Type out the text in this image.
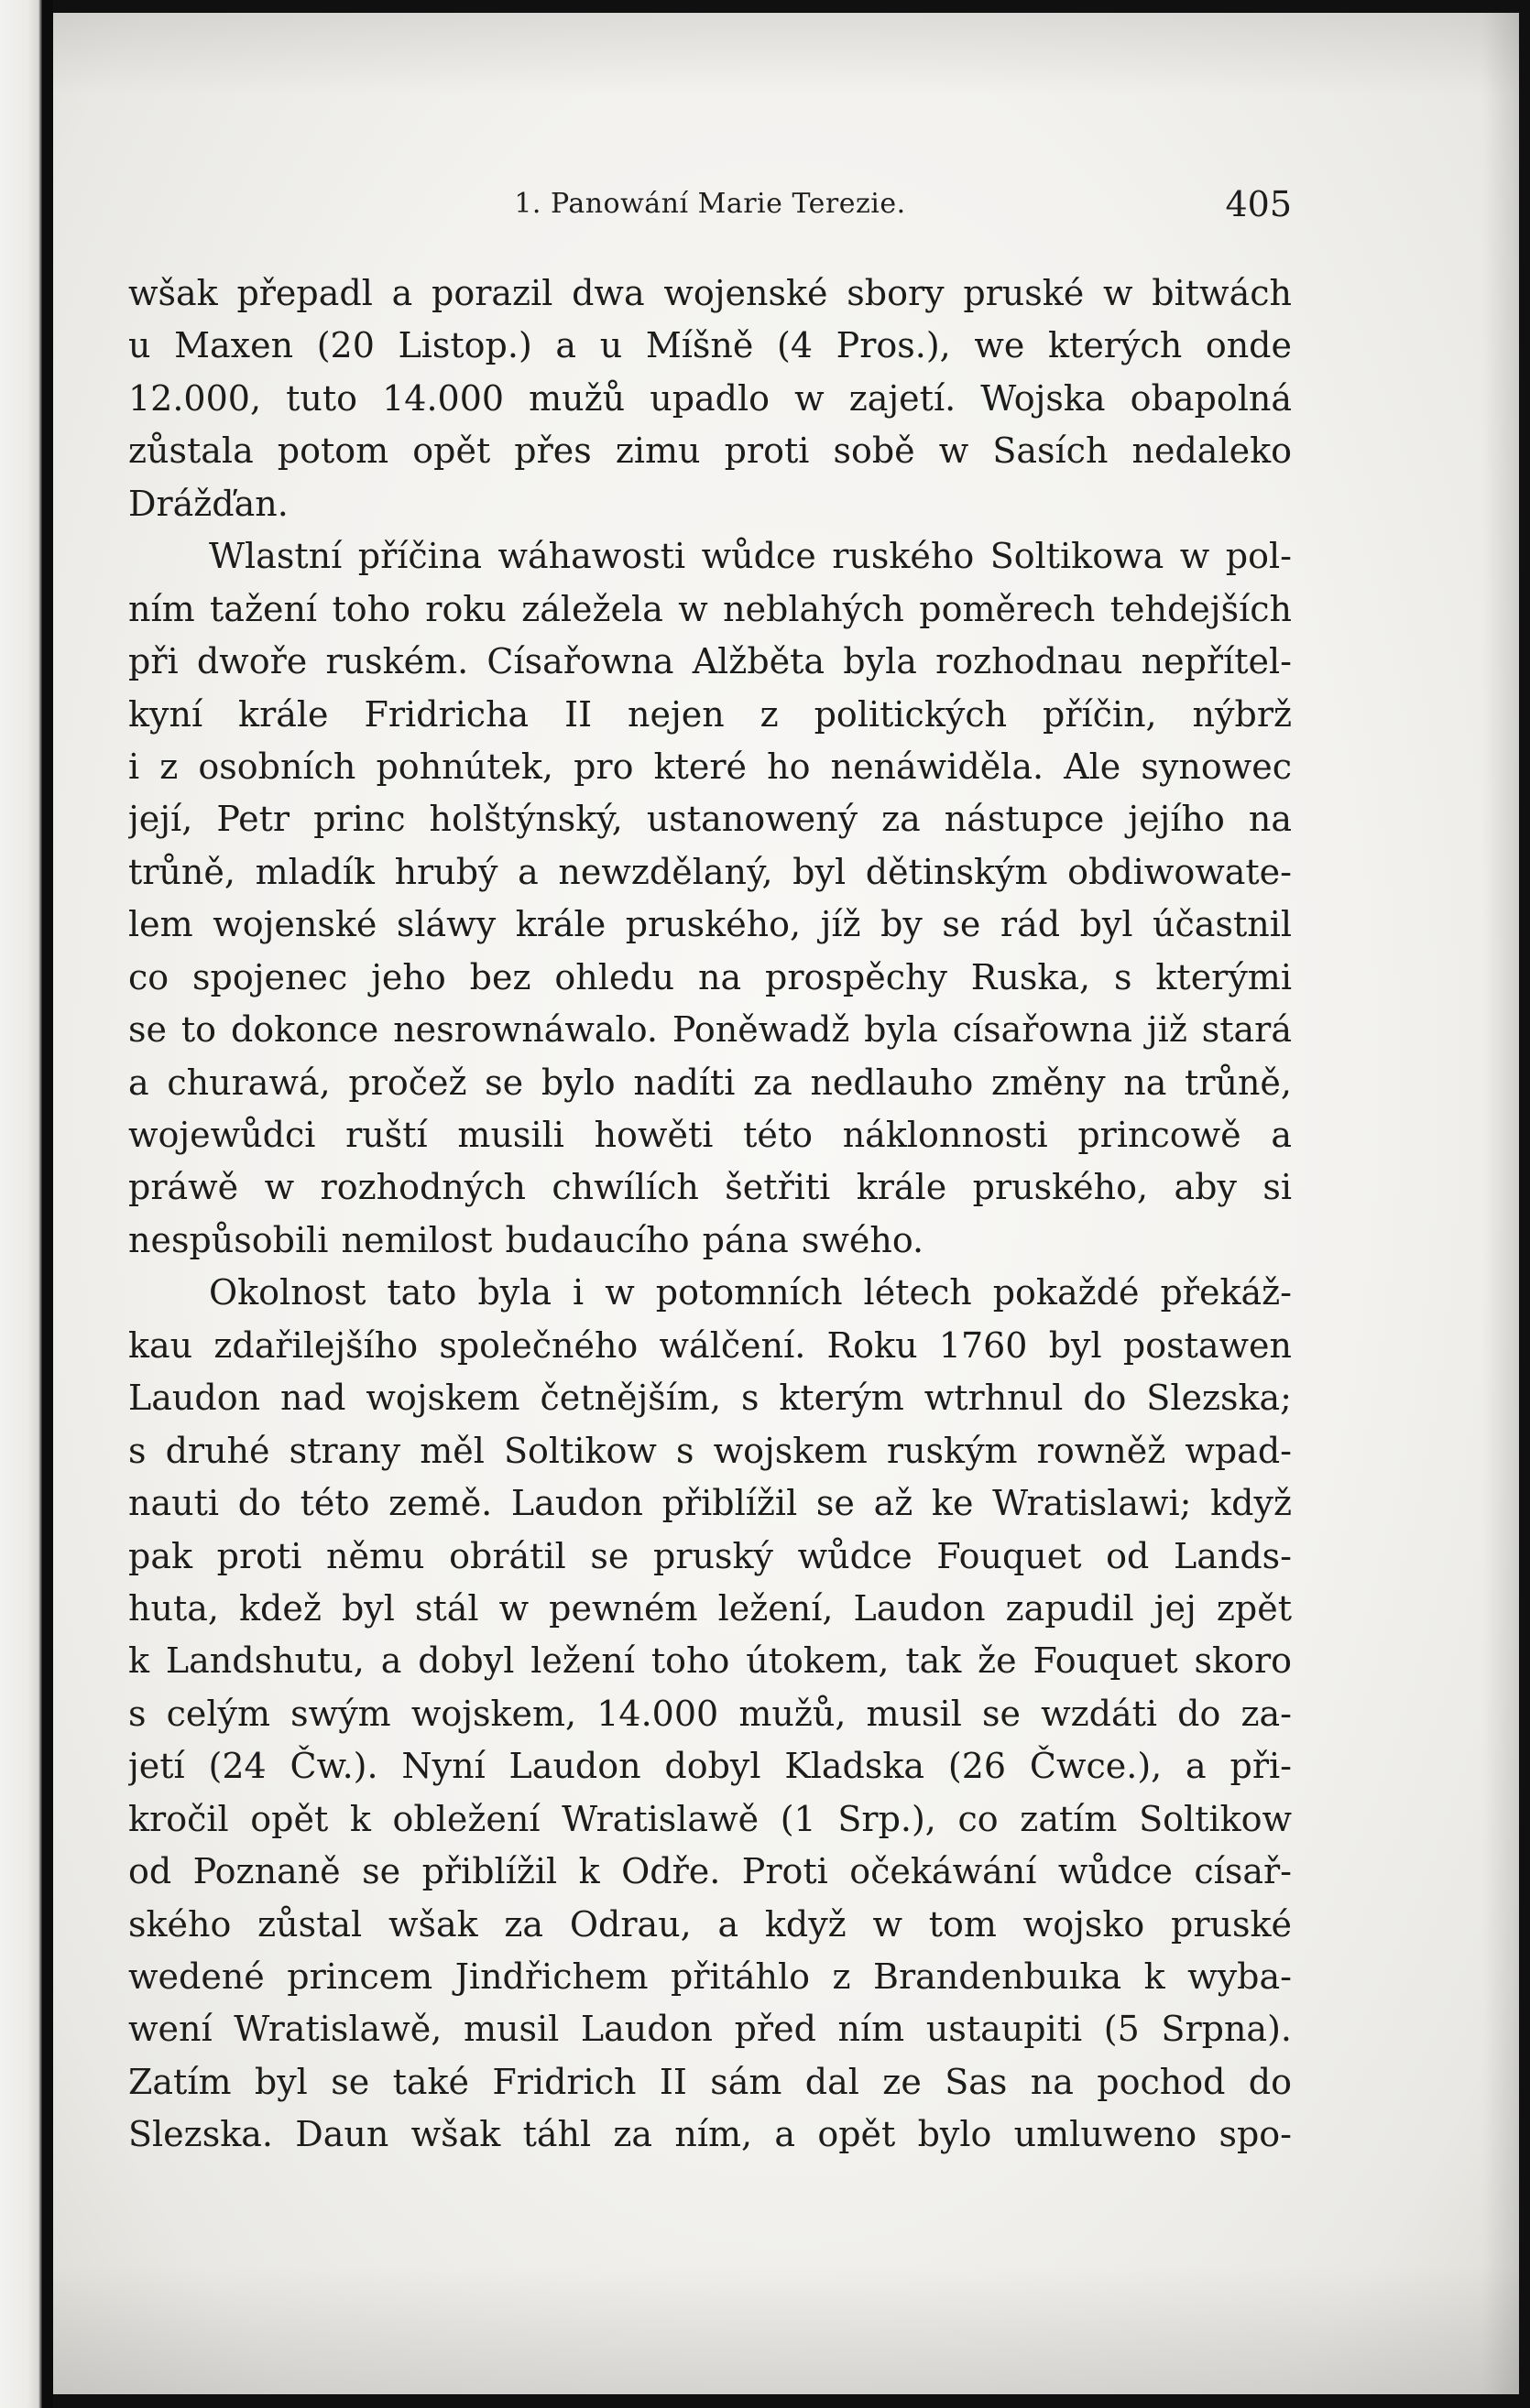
1. Panowání Marie Terezie.	405
wšak přepadl a porazil dwa wojenské sbory pruské w bitwách
u Maxen (20 Listop.) a u Míšně (4 Pros.), we kterých onde
12.000, tuto 14.000 mužů upadlo w zajetí. Wojska obapolná
zůstala potom opět přes zimu proti sobě w Sasích nedaleko
Drážďan.
Wlastní příčina wáhawosti wůdce ruského Soltikowa w pol-
ním tažení toho roku záležela w neblahých poměrech tehdejších
při dwoře ruském. Císařowna Alžběta byla rozhodnau nepřítel-
kyní krále Fridricha II nejen z politických příčin, nýbrž
i z osobních pohnútek, pro které ho nenáwiděla. Ale synowec
její, Petr princ holštýnský, ustanowený za nástupce jejího na
trůně, mladík hrubý a newzdělaný, byl dětinským obdiwowate-
lem wojenské sláwy krále pruského, jíž by se rád byl účastnil
co spojenec jeho bez ohledu na prospěchy Ruska, s kterými
se to dokonce nesrownáwalo. Poněwadž byla císařowna již stará
a churawá, pročež se bylo nadíti za nedlauho změny na trůně,
wojewůdci ruští musili howěti této náklonnosti princowě a
práwě w rozhodných chwílích šetřiti krále pruského, aby si
nespůsobili nemilost budaucího pána swého.
Okolnost tato byla i w potomních létech pokaždé překáž-
kau zdařilejšího společného wálčení. Roku 1760 byl postawen
Laudon nad wojskem četnějším, s kterým wtrhnul do Slezska;
s druhé strany měl Soltikow s wojskem ruským rowněž wpad-
nauti do této země. Laudon přiblížil se až ke Wratislawi; když
pak proti němu obrátil se pruský wůdce Fouquet od Lands-
huta, kdež byl stál w pewném ležení, Laudon zapudil jej zpět
k Landshutu, a dobyl ležení toho útokem, tak že Fouquet skoro
s celým swým wojskem, 14.000 mužů, musil se wzdáti do za-
jetí (24 Čw.). Nyní Laudon dobyl Kladska (26 Čwce.), a při-
kročil opět k obležení Wratislawě (1 Srp.), co zatím Soltikow
od Poznaně se přiblížil k Odře. Proti očekáwání wůdce císař-
ského zůstal wšak za Odrau, a když w tom wojsko pruské
wedené princem Jindřichem přitáhlo z Brandenbuıka k wyba-
wení Wratislawě, musil Laudon před ním ustaupiti (5 Srpna).
Zatím byl se také Fridrich II sám dal ze Sas na pochod do
Slezska. Daun wšak táhl za ním, a opět bylo umluweno spo-
